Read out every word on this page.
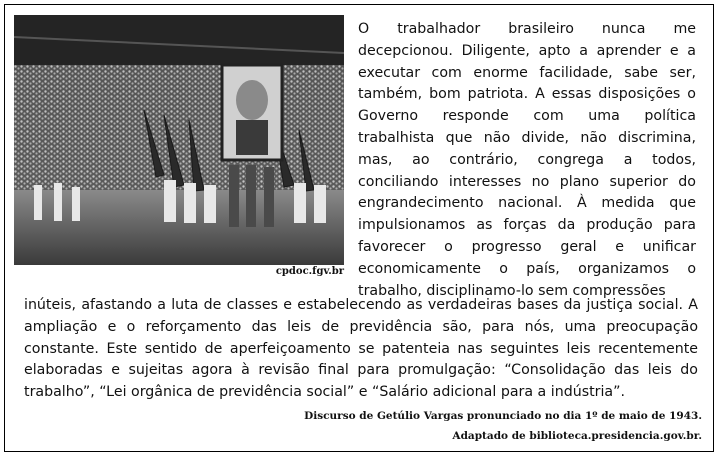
cpdoc.fgv.br

O trabalhador brasileiro nunca me decepcionou. Diligente, apto a aprender e a executar com enorme facilidade, sabe ser, também, bom patriota. A essas disposições o Governo responde com uma política trabalhista que não divide, não discrimina, mas, ao contrário, congrega a todos, conciliando interesses no plano superior do engrandecimento nacional. À medida que impulsionamos as forças da produção para favorecer o progresso geral e unificar economicamente o país, organizamos o trabalho, disciplinamo-lo sem compressões

inúteis, afastando a luta de classes e estabelecendo as verdadeiras bases da justiça social. A ampliação e o reforçamento das leis de previdência são, para nós, uma preocupação constante. Este sentido de aperfeiçoamento se patenteia nas seguintes leis recentemente elaboradas e sujeitas agora à revisão final para promulgação: “Consolidação das leis do trabalho”, “Lei orgânica de previdência social” e “Salário adicional para a indústria”.

Discurso de Getúlio Vargas pronunciado no dia 1º de maio de 1943.
Adaptado de biblioteca.presidencia.gov.br.
